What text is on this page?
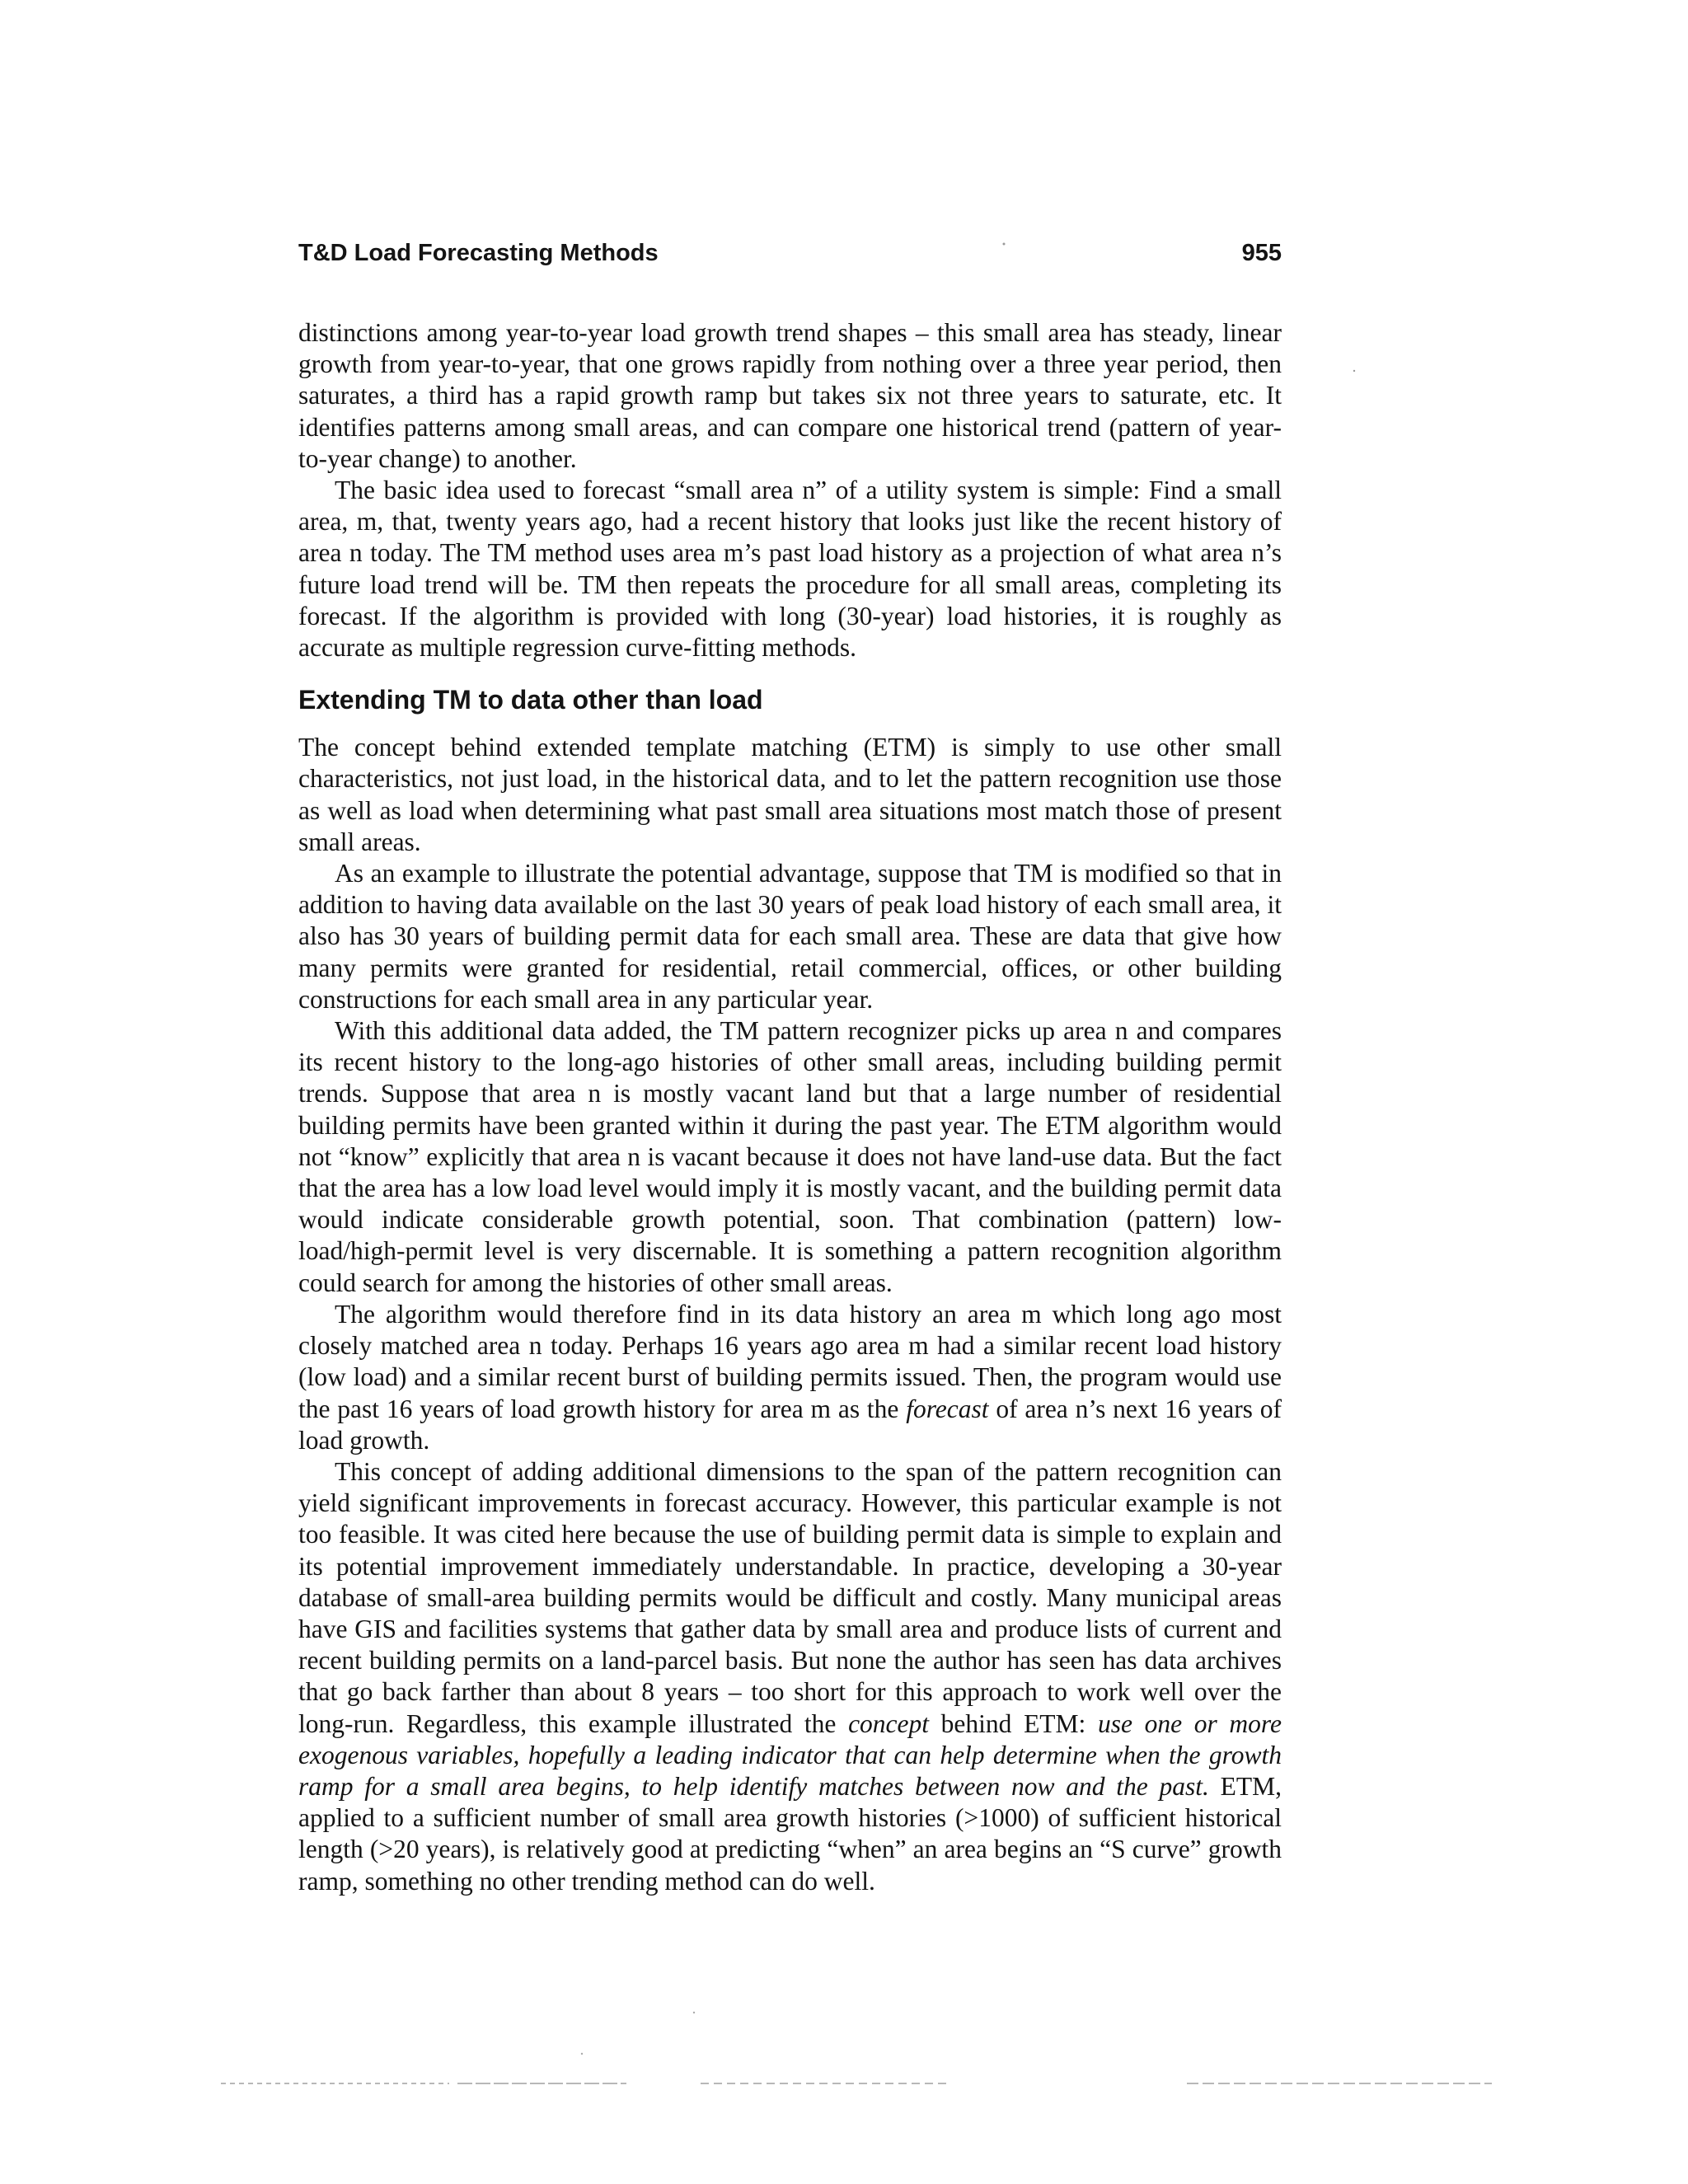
T&D Load Forecasting Methods	955

distinctions among year-to-year load growth trend shapes – this small area has steady, linear growth from year-to-year, that one grows rapidly from nothing over a three year period, then saturates, a third has a rapid growth ramp but takes six not three years to saturate, etc. It identifies patterns among small areas, and can compare one historical trend (pattern of year-to-year change) to another.

The basic idea used to forecast “small area n” of a utility system is simple: Find a small area, m, that, twenty years ago, had a recent history that looks just like the recent history of area n today. The TM method uses area m’s past load history as a projection of what area n’s future load trend will be. TM then repeats the procedure for all small areas, completing its forecast. If the algorithm is provided with long (30-year) load histories, it is roughly as accurate as multiple regression curve-fitting methods.

Extending TM to data other than load

The concept behind extended template matching (ETM) is simply to use other small characteristics, not just load, in the historical data, and to let the pattern recognition use those as well as load when determining what past small area situations most match those of present small areas.

As an example to illustrate the potential advantage, suppose that TM is modified so that in addition to having data available on the last 30 years of peak load history of each small area, it also has 30 years of building permit data for each small area. These are data that give how many permits were granted for residential, retail commercial, offices, or other building constructions for each small area in any particular year.

With this additional data added, the TM pattern recognizer picks up area n and compares its recent history to the long-ago histories of other small areas, including building permit trends. Suppose that area n is mostly vacant land but that a large number of residential building permits have been granted within it during the past year. The ETM algorithm would not “know” explicitly that area n is vacant because it does not have land-use data. But the fact that the area has a low load level would imply it is mostly vacant, and the building permit data would indicate considerable growth potential, soon. That combination (pattern) low-load/high-permit level is very discernable. It is something a pattern recognition algorithm could search for among the histories of other small areas.

The algorithm would therefore find in its data history an area m which long ago most closely matched area n today. Perhaps 16 years ago area m had a similar recent load history (low load) and a similar recent burst of building permits issued. Then, the program would use the past 16 years of load growth history for area m as the forecast of area n’s next 16 years of load growth.

This concept of adding additional dimensions to the span of the pattern recognition can yield significant improvements in forecast accuracy. However, this particular example is not too feasible. It was cited here because the use of building permit data is simple to explain and its potential improvement immediately understandable. In practice, developing a 30-year database of small-area building permits would be difficult and costly. Many municipal areas have GIS and facilities systems that gather data by small area and produce lists of current and recent building permits on a land-parcel basis. But none the author has seen has data archives that go back farther than about 8 years – too short for this approach to work well over the long-run. Regardless, this example illustrated the concept behind ETM: use one or more exogenous variables, hopefully a leading indicator that can help determine when the growth ramp for a small area begins, to help identify matches between now and the past. ETM, applied to a sufficient number of small area growth histories (>1000) of sufficient historical length (>20 years), is relatively good at predicting “when” an area begins an “S curve” growth ramp, something no other trending method can do well.
